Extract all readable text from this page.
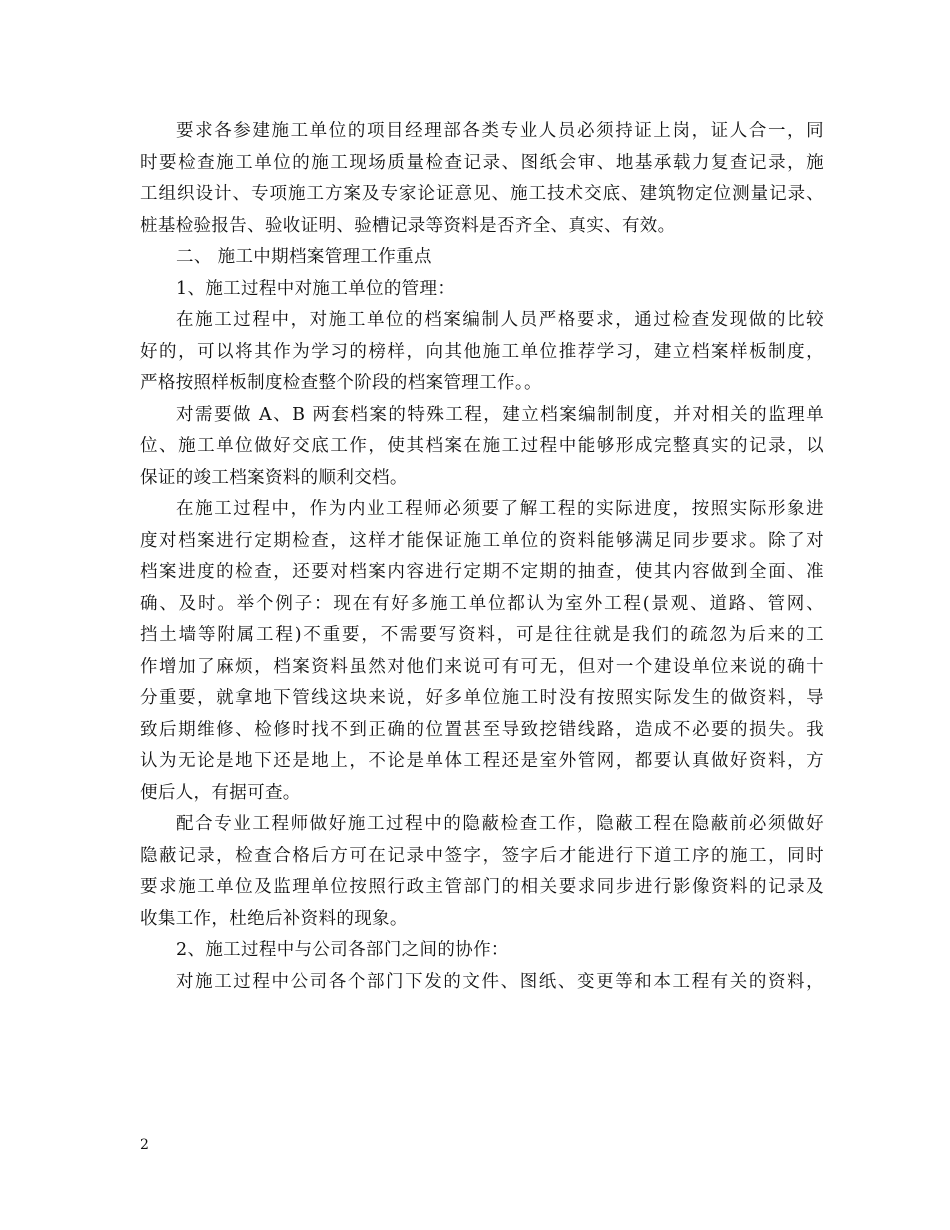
要求各参建施工单位的项目经理部各类专业人员必须持证上岗，证人合一，同
时要检查施工单位的施工现场质量检查记录、图纸会审、地基承载力复查记录，施
工组织设计、专项施工方案及专家论证意见、施工技术交底、建筑物定位测量记录、
桩基检验报告、验收证明、验槽记录等资料是否齐全、真实、有效。
二、 施工中期档案管理工作重点
1、施工过程中对施工单位的管理：
在施工过程中，对施工单位的档案编制人员严格要求，通过检查发现做的比较
好的，可以将其作为学习的榜样，向其他施工单位推荐学习，建立档案样板制度，
严格按照样板制度检查整个阶段的档案管理工作。。
对需要做 A、B 两套档案的特殊工程，建立档案编制制度，并对相关的监理单
位、施工单位做好交底工作，使其档案在施工过程中能够形成完整真实的记录，以
保证的竣工档案资料的顺利交档。
在施工过程中，作为内业工程师必须要了解工程的实际进度，按照实际形象进
度对档案进行定期检查，这样才能保证施工单位的资料能够满足同步要求。除了对
档案进度的检查，还要对档案内容进行定期不定期的抽查，使其内容做到全面、准
确、及时。举个例子：现在有好多施工单位都认为室外工程(景观、道路、管网、
挡土墙等附属工程)不重要，不需要写资料，可是往往就是我们的疏忽为后来的工
作增加了麻烦，档案资料虽然对他们来说可有可无，但对一个建设单位来说的确十
分重要，就拿地下管线这块来说，好多单位施工时没有按照实际发生的做资料，导
致后期维修、检修时找不到正确的位置甚至导致挖错线路，造成不必要的损失。我
认为无论是地下还是地上，不论是单体工程还是室外管网，都要认真做好资料，方
便后人，有据可查。
配合专业工程师做好施工过程中的隐蔽检查工作，隐蔽工程在隐蔽前必须做好
隐蔽记录，检查合格后方可在记录中签字，签字后才能进行下道工序的施工，同时
要求施工单位及监理单位按照行政主管部门的相关要求同步进行影像资料的记录及
收集工作，杜绝后补资料的现象。
2、施工过程中与公司各部门之间的协作：
对施工过程中公司各个部门下发的文件、图纸、变更等和本工程有关的资料，
2
